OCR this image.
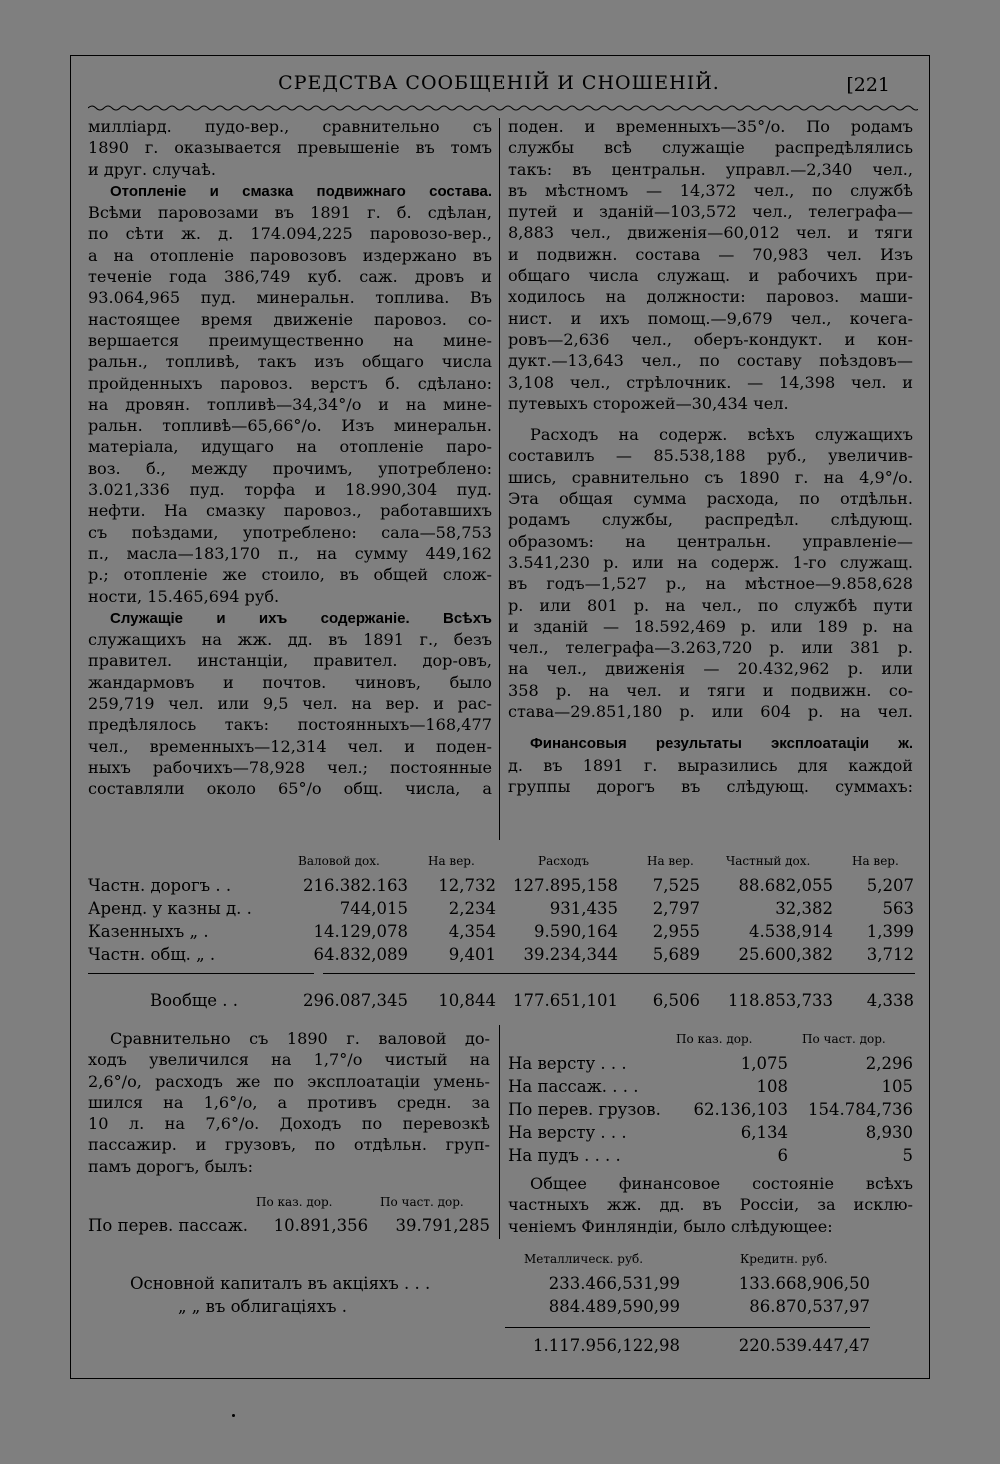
СРЕДСТВА СООБЩЕНІЙ И СНОШЕНІЙ.	[221

милліард. пудо-вер., сравнительно съ

1890 г. оказывается превышеніе въ томъ

и друг. случаѣ.

Отопленіе и смазка подвижнаго состава.

Всѣми паровозами въ 1891 г. б. сдѣлан,

по сѣти ж. д. 174.094,225 паровозо-вер.,

а на отопленіе паровозовъ издержано въ

теченіе года 386,749 куб. саж. дровъ и

93.064,965 пуд. минеральн. топлива. Въ

настоящее время движеніе паровоз. со-

вершается преимущественно на мине-

ральн., топливѣ, такъ изъ общаго числа

пройденныхъ паровоз. верстъ б. сдѣлано:

на дровян. топливѣ—34,34°/о и на мине-

ральн. топливѣ—65,66°/о. Изъ минеральн.

матеріала, идущаго на отопленіе паро-

воз. б., между прочимъ, употреблено:

3.021,336 пуд. торфа и 18.990,304 пуд.

нефти. На смазку паровоз., работавшихъ

съ поѣздами, употреблено: сала—58,753

п., масла—183,170 п., на сумму 449,162

р.; отопленіе же стоило, въ общей слож-

ности, 15.465,694 руб.

Служащіе и ихъ содержаніе. Всѣхъ

служащихъ на жж. дд. въ 1891 г., безъ

правител. инстанціи, правител. дор-овъ,

жандармовъ и почтов. чиновъ, было

259,719 чел. или 9,5 чел. на вер. и рас-

предѣлялось такъ: постоянныхъ—168,477

чел., временныхъ—12,314 чел. и поден-

ныхъ рабочихъ—78,928 чел.; постоянные

составляли около 65°/о общ. числа, а

поден. и временныхъ—35°/о. По родамъ

службы всѣ служащіе распредѣлялись

такъ: въ центральн. управл.—2,340 чел.,

въ мѣстномъ — 14,372 чел., по службѣ

путей и зданій—103,572 чел., телеграфа—

8,883 чел., движенія—60,012 чел. и тяги

и подвижн. состава — 70,983 чел. Изъ

общаго числа служащ. и рабочихъ при-

ходилось на должности: паровоз. маши-

нист. и ихъ помощ.—9,679 чел., кочега-

ровъ—2,636 чел., оберъ-кондукт. и кон-

дукт.—13,643 чел., по составу поѣздовъ—

3,108 чел., стрѣлочник. — 14,398 чел. и

путевыхъ сторожей—30,434 чел.

Расходъ на содерж. всѣхъ служащихъ

составилъ — 85.538,188 руб., увеличив-

шись, сравнительно съ 1890 г. на 4,9°/о.

Эта общая сумма расхода, по отдѣльн.

родамъ службы, распредѣл. слѣдующ.

образомъ: на центральн. управленіе—

3.541,230 р. или на содерж. 1-го служащ.

въ годъ—1,527 р., на мѣстное—9.858,628

р. или 801 р. на чел., по службѣ пути

и зданій — 18.592,469 р. или 189 р. на

чел., телеграфа—3.263,720 р. или 381 р.

на чел., движенія — 20.432,962 р. или

358 р. на чел. и тяги и подвижн. со-

става—29.851,180 р. или 604 р. на чел.

Финансовыя результаты эксплоатаціи ж.

д. въ 1891 г. выразились для каждой

группы дорогъ въ слѣдующ. суммахъ:

Валовой дох.	На вер.	Расходъ	На вер.	Частный дох.	На вер.
Частн. дорогъ . .	216.382.163	12,732	127.895,158	7,525	88.682,055	5,207
Аренд. у казны д. .	744,015	2,234	931,435	2,797	32,382	563
Казенныхъ „ .	14.129,078	4,354	9.590,164	2,955	4.538,914	1,399
Частн. общ. „ .	64.832,089	9,401	39.234,344	5,689	25.600,382	3,712
Вообще . .	296.087,345	10,844	177.651,101	6,506	118.853,733	4,338

Сравнительно съ 1890 г. валовой до-

ходъ увеличился на 1,7°/о чистый на

2,6°/о, расходъ же по эксплоатаціи умень-

шился на 1,6°/о, а противъ средн. за

10 л. на 7,6°/о. Доходъ по перевозкѣ

пассажир. и грузовъ, по отдѣльн. груп-

памъ дорогъ, былъ:

По каз. дор.	По част. дор.
По перев. пассаж.	10.891,356	39.791,285
По каз. дор.	По част. дор.
На версту . . .	1,075	2,296
На пассаж. . . .	108	105
По перев. грузов.	62.136,103	154.784,736
На версту . . .	6,134	8,930
На пудъ . . . .	6	5

Общее финансовое состояніе всѣхъ

частныхъ жж. дд. въ Россіи, за исклю-

ченіемъ Финляндіи, было слѣдующее:

Металлическ. руб.	Кредитн. руб.
Основной капиталъ въ акціяхъ . . .	233.466,531,99	133.668,906,50
„ „ въ облигаціяхъ .	884.489,590,99	86.870,537,97
1.117.956,122,98	220.539.447,47
